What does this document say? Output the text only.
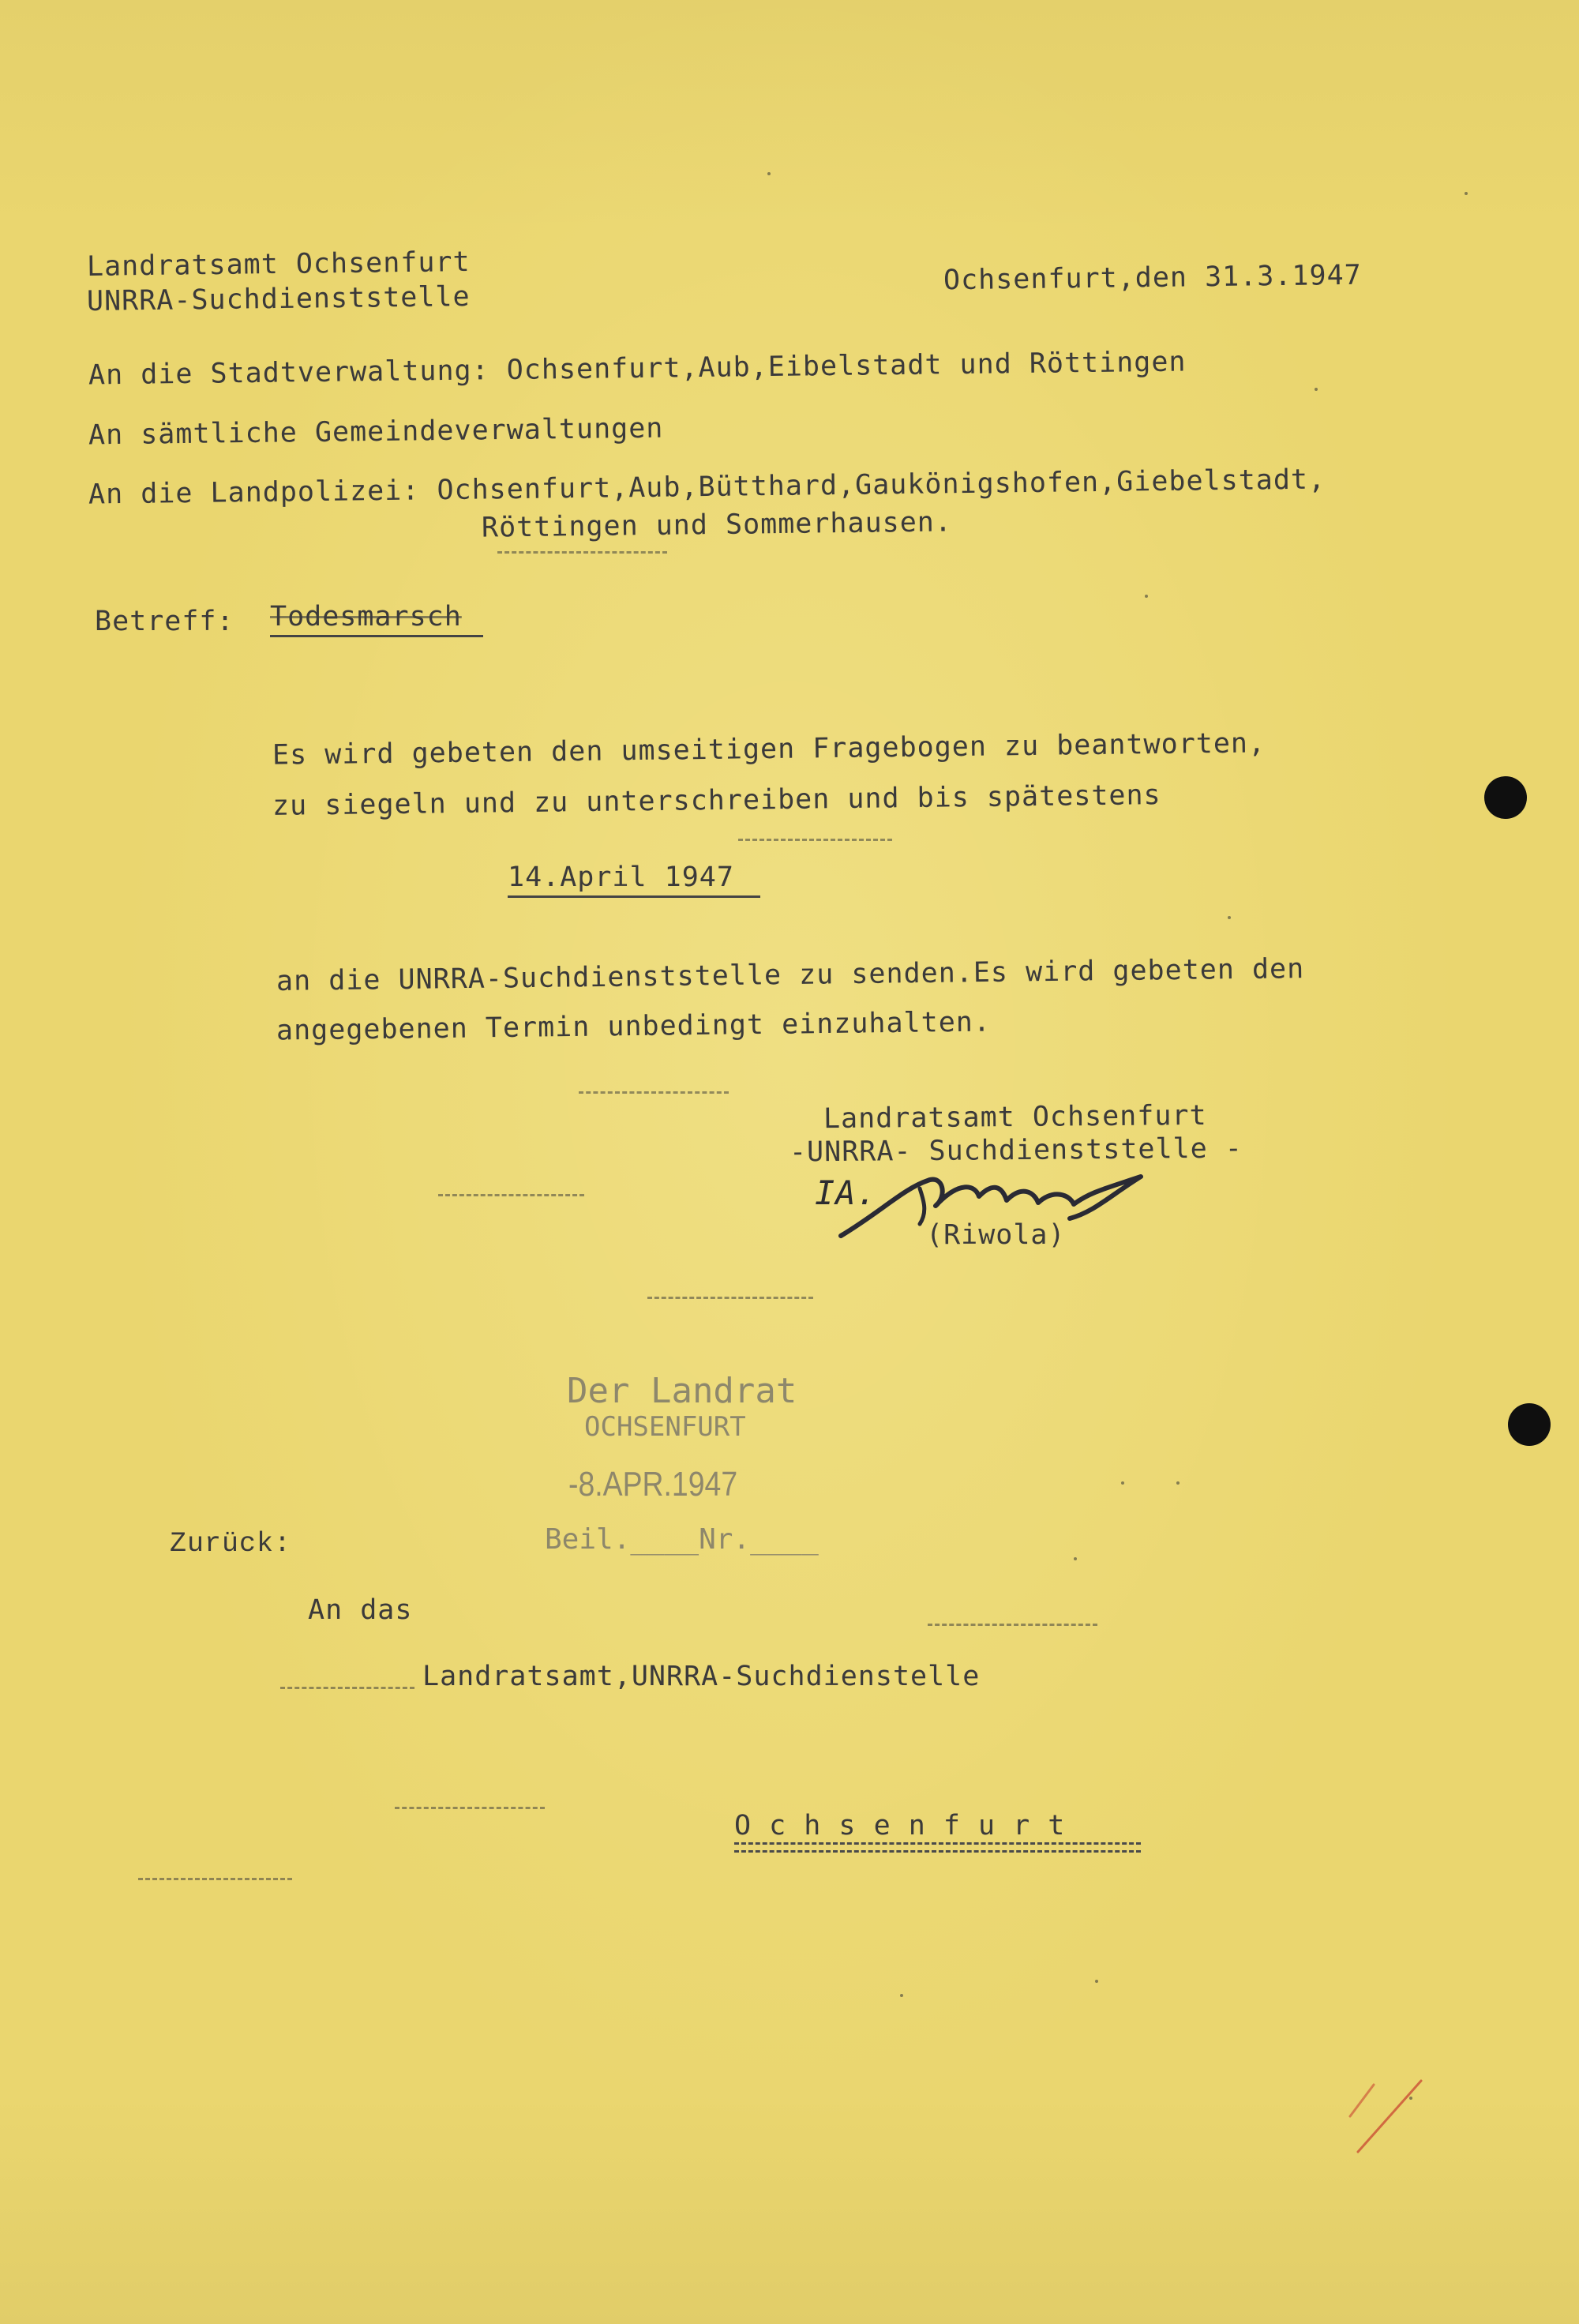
Landratsamt Ochsenfurt
UNRRA-Suchdienststelle
Ochsenfurt,den 31.3.1947
An die Stadtverwaltung: Ochsenfurt,Aub,Eibelstadt und Röttingen
An sämtliche Gemeindeverwaltungen
An die Landpolizei: Ochsenfurt,Aub,Bütthard,Gaukönigshofen,Giebelstadt,
Röttingen und Sommerhausen.
Betreff: Todesmarsch
Es wird gebeten den umseitigen Fragebogen zu beantworten,
zu siegeln und zu unterschreiben und bis spätestens
14.April 1947
an die UNRRA-Suchdienststelle zu senden.Es wird gebeten den
angegebenen Termin unbedingt einzuhalten.
Landratsamt Ochsenfurt
-UNRRA- Suchdienststelle -
IA.
(Riwola)
Der Landrat
OCHSENFURT
-8.APR.1947
Beil.____Nr.____
Zurück:
An das
Landratsamt,UNRRA-Suchdienstelle
O c h s e n f u r t
